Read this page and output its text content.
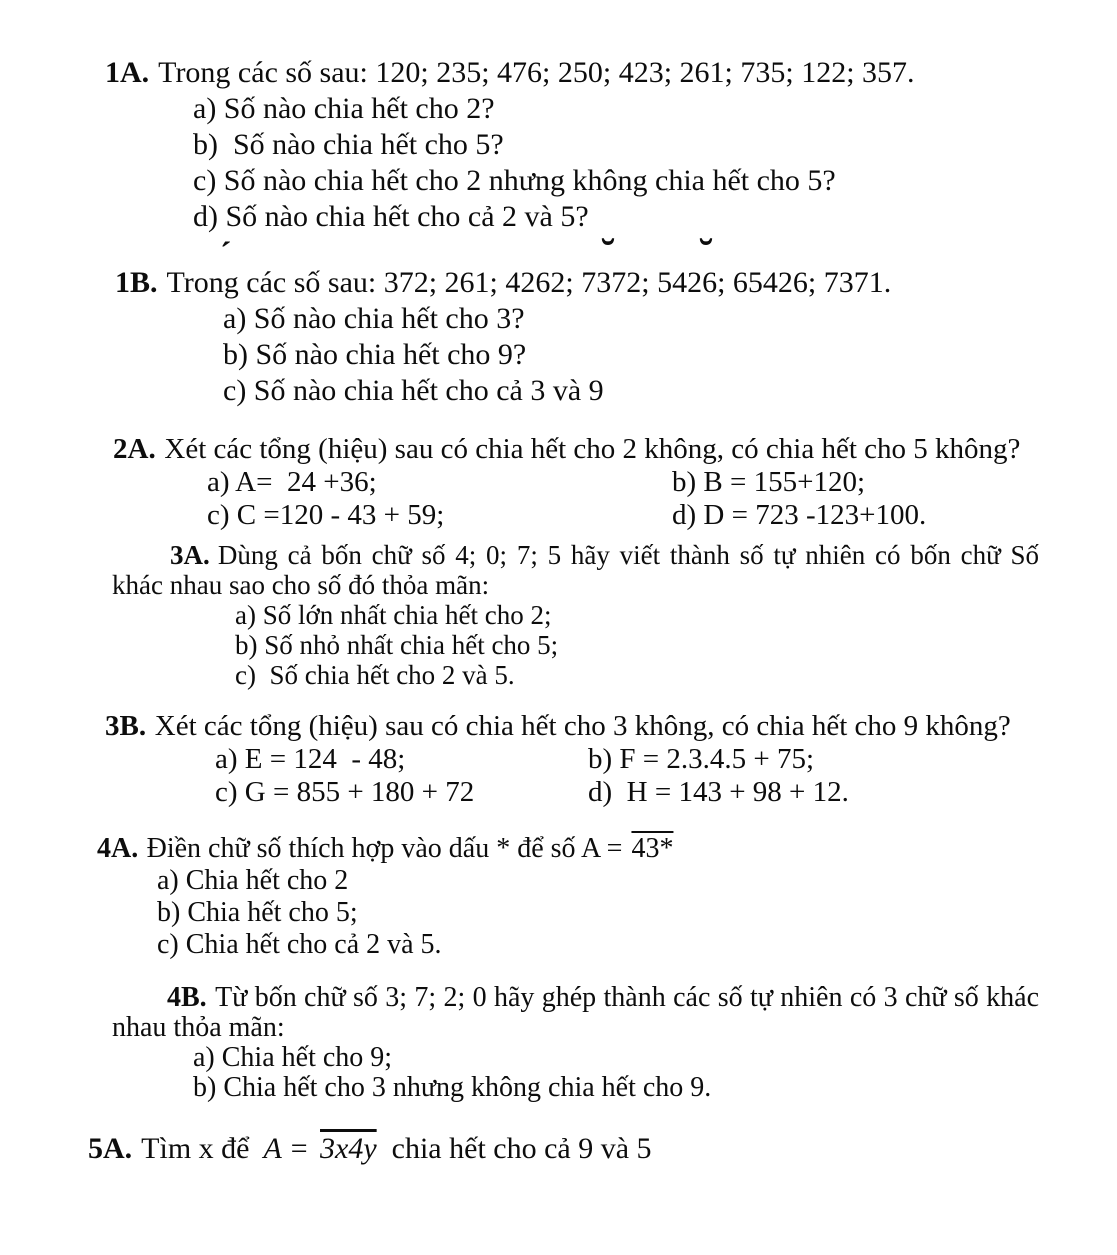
´	˘ ˘

1A. Trong các số sau: 120; 235; 476; 250; 423; 261; 735; 122; 357.

a) Số nào chia hết cho 2?

b)  Số nào chia hết cho 5?

c) Số nào chia hết cho 2 nhưng không chia hết cho 5?

d) Số nào chia hết cho cả 2 và 5?

1B. Trong các số sau: 372; 261; 4262; 7372; 5426; 65426; 7371.

a) Số nào chia hết cho 3?

b) Số nào chia hết cho 9?

c) Số nào chia hết cho cả 3 và 9

2A. Xét các tổng (hiệu) sau có chia hết cho 2 không, có chia hết cho 5 không?

a) A=  24 +36;	b) B = 155+120;

c) C =120 - 43 + 59;	d) D = 723 -123+100.

3A. Dùng cả bốn chữ số 4; 0; 7; 5 hãy viết thành số tự nhiên có bốn chữ Số

khác nhau sao cho số đó thỏa mãn:

a) Số lớn nhất chia hết cho 2;

b) Số nhỏ nhất chia hết cho 5;

c)  Số chia hết cho 2 và 5.

3B. Xét các tổng (hiệu) sau có chia hết cho 3 không, có chia hết cho 9 không?

a) E = 124  - 48;	b) F = 2.3.4.5 + 75;

c) G = 855 + 180 + 72	d)  H = 143 + 98 + 12.

4A. Điền chữ số thích hợp vào dấu * để số A = 43*

a) Chia hết cho 2

b) Chia hết cho 5;

c) Chia hết cho cả 2 và 5.

4B. Từ bốn chữ số 3; 7; 2; 0 hãy ghép thành các số tự nhiên có 3 chữ số khác

nhau thỏa mãn:

a) Chia hết cho 9;

b) Chia hết cho 3 nhưng không chia hết cho 9.

5A. Tìm x để A = 3x4y chia hết cho cả 9 và 5
